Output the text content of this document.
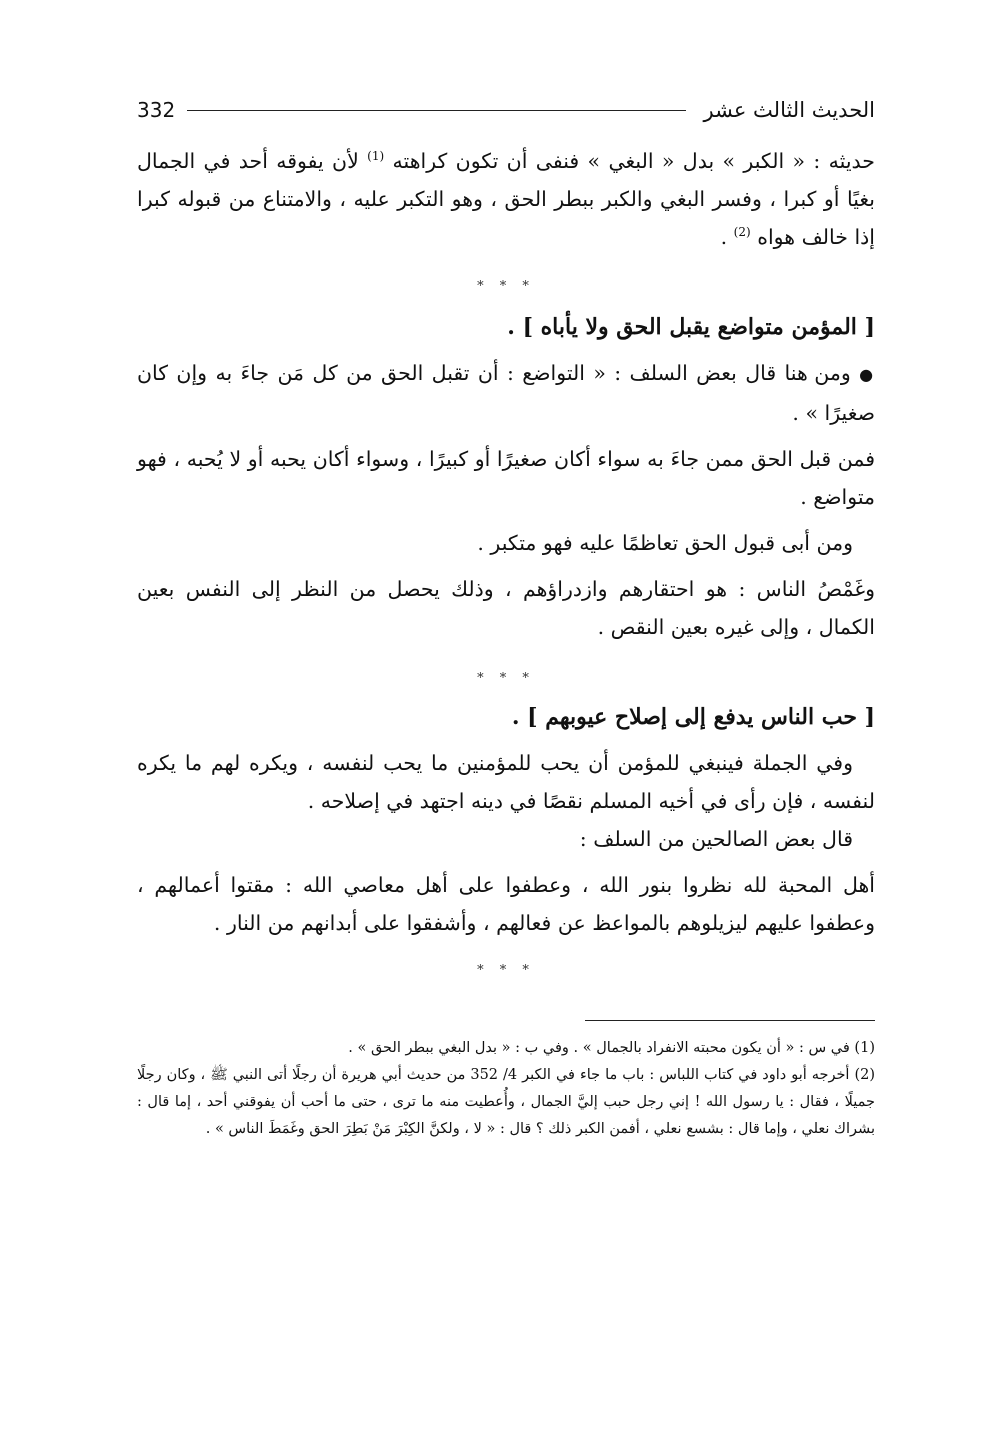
الحديث الثالث عشر
332

حديثه : « الكبر » بدل « البغي » فنفى أن تكون كراهته $^{(1)}$ لأن يفوقه أحد في الجمال بغيًا أو كبرا ، وفسر البغي والكبر ببطر الحق ، وهو التكبر عليه ، والامتناع من قبوله كبرا إذا خالف هواه $^{(2)}$ .

* * *
[ المؤمن متواضع يقبل الحق ولا يأباه ] .

● ومن هنا قال بعض السلف : « التواضع : أن تقبل الحق من كل مَن جاءَ به وإن كان صغيرًا » .

فمن قبل الحق ممن جاءَ به سواء أكان صغيرًا أو كبيرًا ، وسواء أكان يحبه أو لا يُحبه ، فهو متواضع .

ومن أبى قبول الحق تعاظمًا عليه فهو متكبر .

وغَمْصُ الناس : هو احتقارهم وازدراؤهم ، وذلك يحصل من النظر إلى النفس بعين الكمال ، وإلى غيره بعين النقص .

* * *
[ حب الناس يدفع إلى إصلاح عيوبهم ] .

وفي الجملة فينبغي للمؤمن أن يحب للمؤمنين ما يحب لنفسه ، ويكره لهم ما يكره لنفسه ، فإن رأى في أخيه المسلم نقصًا في دينه اجتهد في إصلاحه .

قال بعض الصالحين من السلف :

أهل المحبة لله نظروا بنور الله ، وعطفوا على أهل معاصي الله : مقتوا أعمالهم ، وعطفوا عليهم ليزيلوهم بالمواعظ عن فعالهم ، وأشفقوا على أبدانهم من النار .

* * *

(1) في س : « أن يكون محبته الانفراد بالجمال » . وفي ب : « بدل البغي ببطر الحق » .

(2) أخرجه أبو داود في كتاب اللباس : باب ما جاء في الكبر 4/ 352 من حديث أبي هريرة أن رجلًا أتى النبي ﷺ ، وكان رجلًا جميلًا ، فقال : يا رسول الله ! إني رجل حبب إليَّ الجمال ، وأُعطيت منه ما ترى ، حتى ما أحب أن يفوقني أحد ، إما قال : بشراك نعلي ، وإما قال : بشسع نعلي ، أفمن الكبر ذلك ؟ قال : « لا ، ولكنَّ الكِبْرَ مَنْ بَطِرَ الحق وغَمَطَ الناس » .
